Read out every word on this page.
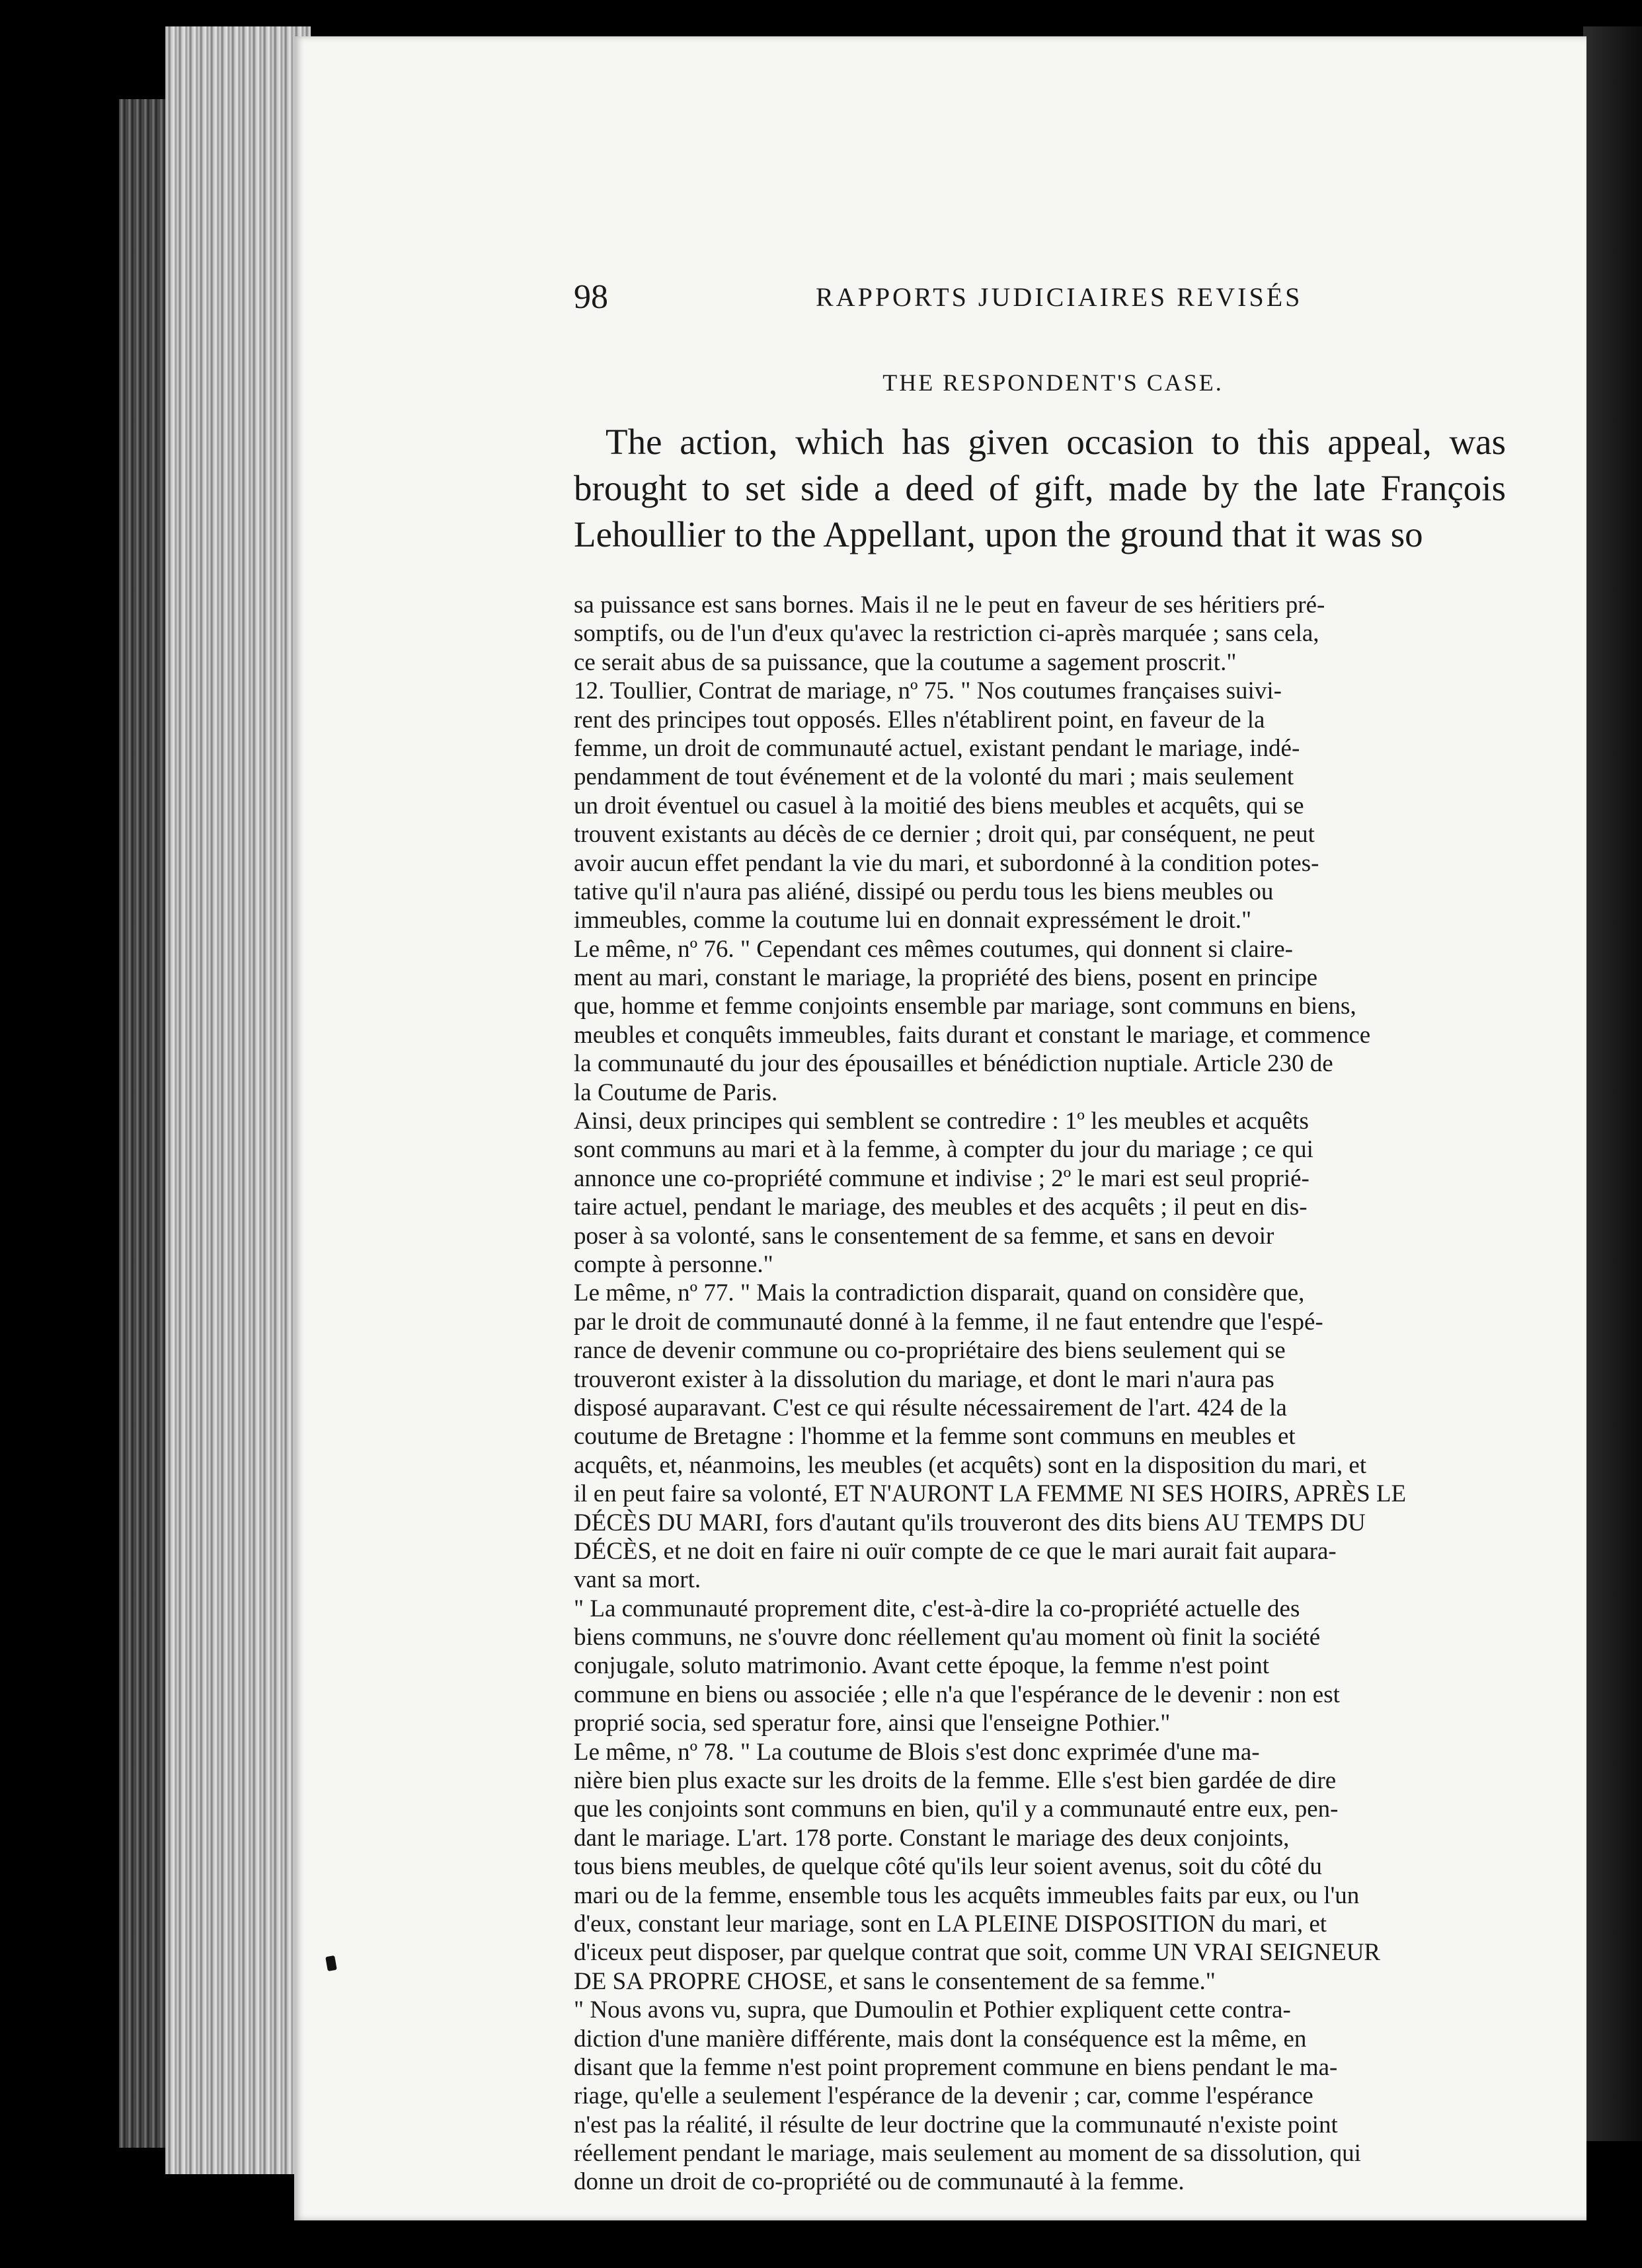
98	RAPPORTS JUDICIAIRES REVISÉS
THE RESPONDENT'S CASE.

The action, which has given occasion to this appeal, was brought to set side a deed of gift, made by the late François Lehoullier to the Appellant, upon the ground that it was so

sa puissance est sans bornes. Mais il ne le peut en faveur de ses héritiers pré-
somptifs, ou de l'un d'eux qu'avec la restriction ci-après marquée ; sans cela,
ce serait abus de sa puissance, que la coutume a sagement proscrit."
12. Toullier, Contrat de mariage, nº 75. " Nos coutumes françaises suivi-
rent des principes tout opposés. Elles n'établirent point, en faveur de la
femme, un droit de communauté actuel, existant pendant le mariage, indé-
pendamment de tout événement et de la volonté du mari ; mais seulement
un droit éventuel ou casuel à la moitié des biens meubles et acquêts, qui se
trouvent existants au décès de ce dernier ; droit qui, par conséquent, ne peut
avoir aucun effet pendant la vie du mari, et subordonné à la condition potes-
tative qu'il n'aura pas aliéné, dissipé ou perdu tous les biens meubles ou
immeubles, comme la coutume lui en donnait expressément le droit."
Le même, nº 76. " Cependant ces mêmes coutumes, qui donnent si claire-
ment au mari, constant le mariage, la propriété des biens, posent en principe
que, homme et femme conjoints ensemble par mariage, sont communs en biens,
meubles et conquêts immeubles, faits durant et constant le mariage, et commence
la communauté du jour des épousailles et bénédiction nuptiale. Article 230 de
la Coutume de Paris.
Ainsi, deux principes qui semblent se contredire : 1º les meubles et acquêts
sont communs au mari et à la femme, à compter du jour du mariage ; ce qui
annonce une co-propriété commune et indivise ; 2º le mari est seul proprié-
taire actuel, pendant le mariage, des meubles et des acquêts ; il peut en dis-
poser à sa volonté, sans le consentement de sa femme, et sans en devoir
compte à personne."
Le même, nº 77. " Mais la contradiction disparait, quand on considère que,
par le droit de communauté donné à la femme, il ne faut entendre que l'espé-
rance de devenir commune ou co-propriétaire des biens seulement qui se
trouveront exister à la dissolution du mariage, et dont le mari n'aura pas
disposé auparavant. C'est ce qui résulte nécessairement de l'art. 424 de la
coutume de Bretagne : l'homme et la femme sont communs en meubles et
acquêts, et, néanmoins, les meubles (et acquêts) sont en la disposition du mari, et
il en peut faire sa volonté, ET N'AURONT LA FEMME NI SES HOIRS, APRÈS LE
DÉCÈS DU MARI, fors d'autant qu'ils trouveront des dits biens AU TEMPS DU
DÉCÈS, et ne doit en faire ni ouïr compte de ce que le mari aurait fait aupara-
vant sa mort.
" La communauté proprement dite, c'est-à-dire la co-propriété actuelle des
biens communs, ne s'ouvre donc réellement qu'au moment où finit la société
conjugale, soluto matrimonio. Avant cette époque, la femme n'est point
commune en biens ou associée ; elle n'a que l'espérance de le devenir : non est
proprié socia, sed speratur fore, ainsi que l'enseigne Pothier."
Le même, nº 78. " La coutume de Blois s'est donc exprimée d'une ma-
nière bien plus exacte sur les droits de la femme. Elle s'est bien gardée de dire
que les conjoints sont communs en bien, qu'il y a communauté entre eux, pen-
dant le mariage. L'art. 178 porte. Constant le mariage des deux conjoints,
tous biens meubles, de quelque côté qu'ils leur soient avenus, soit du côté du
mari ou de la femme, ensemble tous les acquêts immeubles faits par eux, ou l'un
d'eux, constant leur mariage, sont en LA PLEINE DISPOSITION du mari, et
d'iceux peut disposer, par quelque contrat que soit, comme UN VRAI SEIGNEUR
DE SA PROPRE CHOSE, et sans le consentement de sa femme."
" Nous avons vu, supra, que Dumoulin et Pothier expliquent cette contra-
diction d'une manière différente, mais dont la conséquence est la même, en
disant que la femme n'est point proprement commune en biens pendant le ma-
riage, qu'elle a seulement l'espérance de la devenir ; car, comme l'espérance
n'est pas la réalité, il résulte de leur doctrine que la communauté n'existe point
réellement pendant le mariage, mais seulement au moment de sa dissolution, qui
donne un droit de co-propriété ou de communauté à la femme.
